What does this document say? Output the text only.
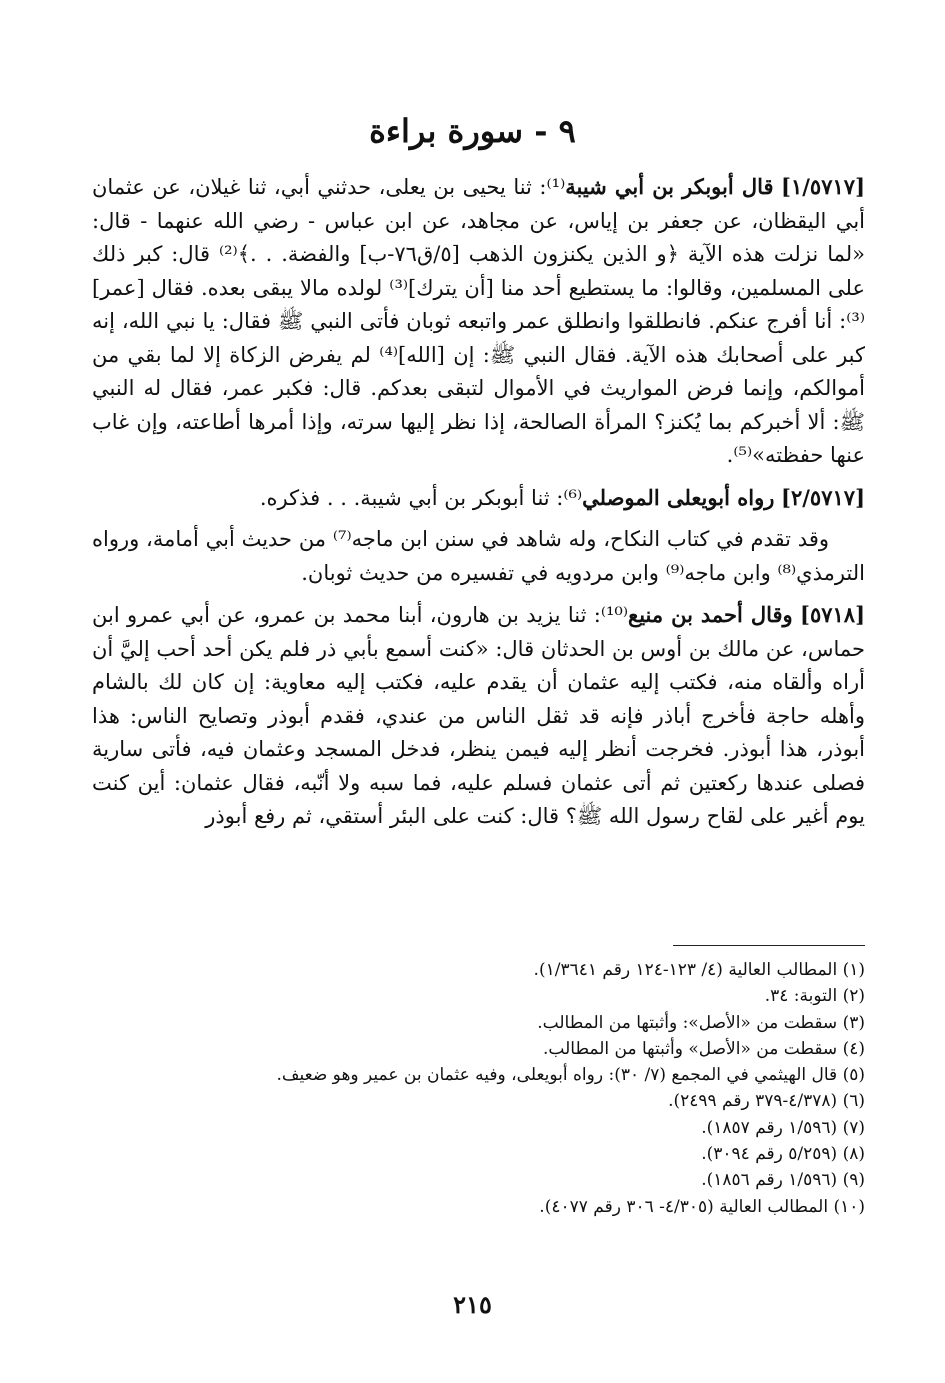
٩ - سورة براءة

[١/٥٧١٧] قال أبوبكر بن أبي شيبة⁽¹⁾: ثنا يحيى بن يعلى، حدثني أبي، ثنا غيلان، عن عثمان أبي اليقظان، عن جعفر بن إياس، عن مجاهد، عن ابن عباس - رضي الله عنهما - قال: «لما نزلت هذه الآية ﴿و الذين يكنزون الذهب [٥/ق٧٦-ب] والفضة. . .﴾⁽²⁾ قال: كبر ذلك على المسلمين، وقالوا: ما يستطيع أحد منا [أن يترك]⁽³⁾ لولده مالا يبقى بعده. فقال [عمر]⁽³⁾: أنا أفرج عنكم. فانطلقوا وانطلق عمر واتبعه ثوبان فأتى النبي ﷺ فقال: يا نبي الله، إنه كبر على أصحابك هذه الآية. فقال النبي ﷺ: إن [الله]⁽⁴⁾ لم يفرض الزكاة إلا لما بقي من أموالكم، وإنما فرض المواريث في الأموال لتبقى بعدكم. قال: فكبر عمر، فقال له النبي ﷺ: ألا أخبركم بما يُكنز؟ المرأة الصالحة، إذا نظر إليها سرته، وإذا أمرها أطاعته، وإن غاب عنها حفظته»⁽⁵⁾.

[٢/٥٧١٧] رواه أبويعلى الموصلي⁽⁶⁾: ثنا أبوبكر بن أبي شيبة. . . فذكره.

وقد تقدم في كتاب النكاح، وله شاهد في سنن ابن ماجه⁽⁷⁾ من حديث أبي أمامة، ورواه الترمذي⁽⁸⁾ وابن ماجه⁽⁹⁾ وابن مردويه في تفسيره من حديث ثوبان.

[٥٧١٨] وقال أحمد بن منيع⁽¹⁰⁾: ثنا يزيد بن هارون، أبنا محمد بن عمرو، عن أبي عمرو ابن حماس، عن مالك بن أوس بن الحدثان قال: «كنت أسمع بأبي ذر فلم يكن أحد أحب إليَّ أن أراه وألقاه منه، فكتب إليه عثمان أن يقدم عليه، فكتب إليه معاوية: إن كان لك بالشام وأهله حاجة فأخرج أباذر فإنه قد ثقل الناس من عندي، فقدم أبوذر وتصايح الناس: هذا أبوذر، هذا أبوذر. فخرجت أنظر إليه فيمن ينظر، فدخل المسجد وعثمان فيه، فأتى سارية فصلى عندها ركعتين ثم أتى عثمان فسلم عليه، فما سبه ولا أنّبه، فقال عثمان: أين كنت يوم أغير على لقاح رسول الله ﷺ؟ قال: كنت على البئر أستقي، ثم رفع أبوذر

(١) المطالب العالية (٤/ ١٢٣-١٢٤ رقم ١/٣٦٤١).
(٢) التوبة: ٣٤.
(٣) سقطت من «الأصل»: وأثبتها من المطالب.
(٤) سقطت من «الأصل» وأثبتها من المطالب.
(٥) قال الهيثمي في المجمع (٧/ ٣٠): رواه أبويعلى، وفيه عثمان بن عمير وهو ضعيف.
(٦) (٤/٣٧٨-٣٧٩ رقم ٢٤٩٩).
(٧) (١/٥٩٦ رقم ١٨٥٧).
(٨) (٥/٢٥٩ رقم ٣٠٩٤).
(٩) (١/٥٩٦ رقم ١٨٥٦).
(١٠) المطالب العالية (٤/٣٠٥- ٣٠٦ رقم ٤٠٧٧).
٢١٥
